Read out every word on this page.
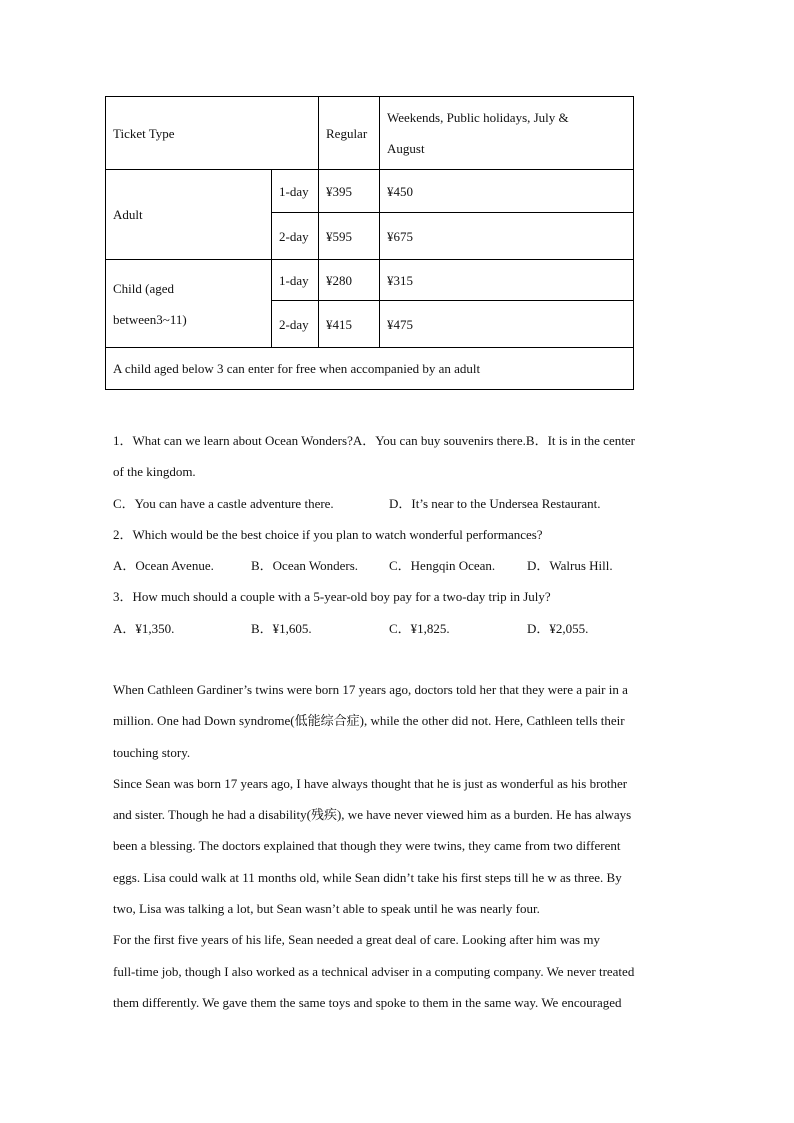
Ticket Type		Regular	Weekends, Public holidays, July &
August
Adult	1-day	¥395	¥450
	2-day	¥595	¥675
Child (aged
between3~11)	1-day	¥280	¥315
	2-day	¥415	¥475
A child aged below 3 can enter for free when accompanied by an adult			

1．What can we learn about Ocean Wonders?A．You can buy souvenirs there.B．It is in the center

of the kingdom.

C．You can have a castle adventure there.	D．It’s near to the Undersea Restaurant.

2．Which would be the best choice if you plan to watch wonderful performances?

A．Ocean Avenue.	B．Ocean Wonders.	C．Hengqin Ocean.	D．Walrus Hill.

3．How much should a couple with a 5-year-old boy pay for a two-day trip in July?

A．¥1,350.	B．¥1,605.	C．¥1,825.	D．¥2,055.

When Cathleen Gardiner’s twins were born 17 years ago, doctors told her that they were a pair in a

million. One had Down syndrome(低能综合症), while the other did not. Here, Cathleen tells their

touching story.

Since Sean was born 17 years ago, I have always thought that he is just as wonderful as his brother

and sister. Though he had a disability(残疾), we have never viewed him as a burden. He has always

been a blessing. The doctors explained that though they were twins, they came from two different

eggs. Lisa could walk at 11 months old, while Sean didn’t take his first steps till he w as three. By

two, Lisa was talking a lot, but Sean wasn’t able to speak until he was nearly four.

For the first five years of his life, Sean needed a great deal of care. Looking after him was my

full-time job, though I also worked as a technical adviser in a computing company. We never treated

them differently. We gave them the same toys and spoke to them in the same way. We encouraged
